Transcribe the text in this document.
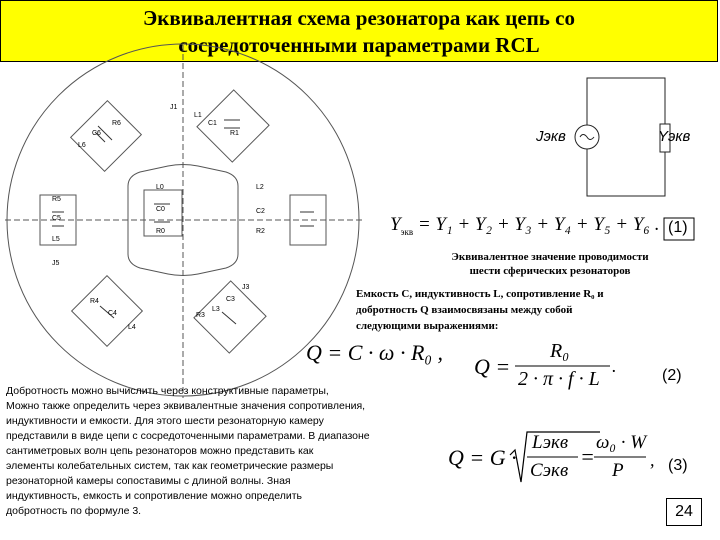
Эквивалентная схема резонатора как цепь со
сосредоточенными параметрами RCL
R6
C6
L6
J1
L1
C1
R1
L0
C0
R0
R5
C5
L5
J5
L2
C2
R2
R4
C4
L4
J3
C3
L3
R3
Jэкв	Yэкв
$Y_{экв} = Y_1 + Y_2 + Y_3 + Y_4 + Y_5 + Y_6$ . (1)
Эквивалентное значение проводимости
шести сферических резонаторов
Емкость C, индуктивность L, сопротивление R₀ и
добротность Q взаимосвязаны между собой
следующими выражениями:
Q = C · ω · R₀ ,
Q =
R₀
2 · π · f · L
.	(2)
Q = G ·
Lэкв
Cэкв
=
ω₀ · W
P , (3)
Добротность можно вычислить через конструктивные параметры,
Можно также определить через эквивалентные значения сопротивления,
индуктивности и емкости. Для этого шести резонаторную камеру
представили в виде цепи с сосредоточенными параметрами. В диапазоне
сантиметровых волн цепь резонаторов можно представить как
элементы колебательных систем, так как геометрические размеры
резонаторной камеры сопоставимы с длиной волны. Зная
индуктивность, емкость и сопротивление можно определить
добротность по формуле 3.	24
